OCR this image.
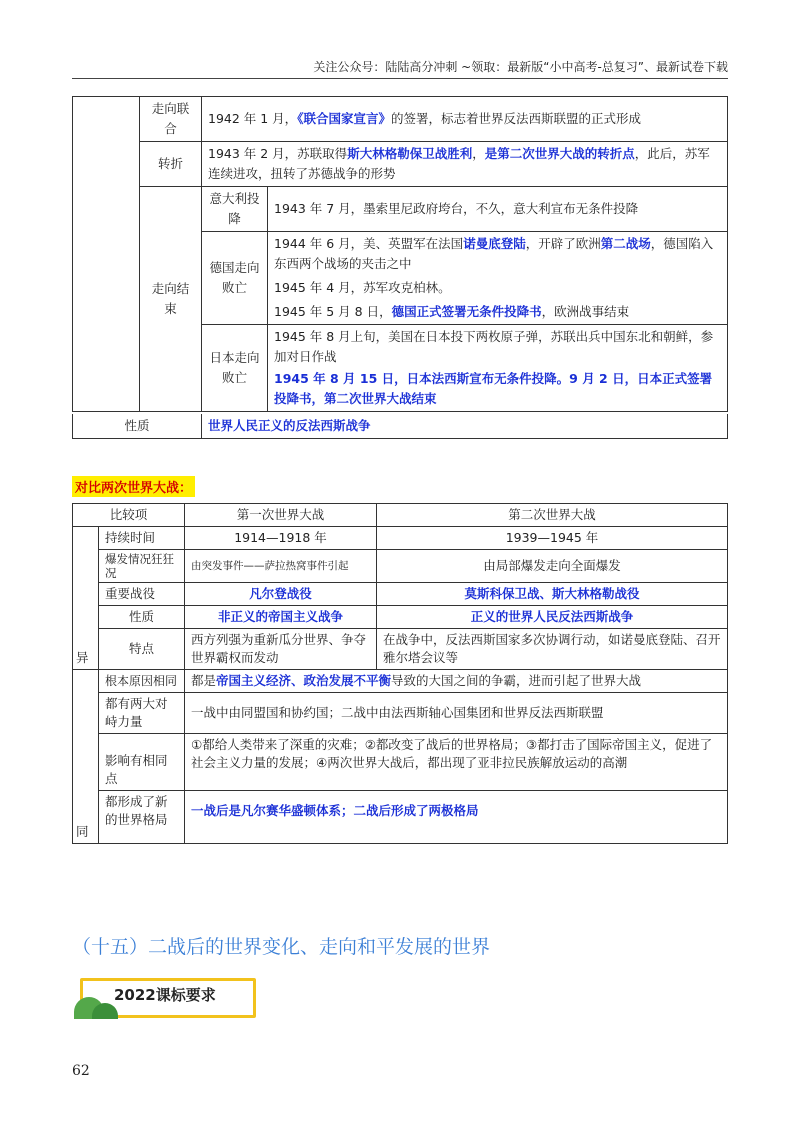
关注公众号：陆陆高分冲刺 ~领取：最新版“小中高考-总复习”、最新试卷下载
	走向联合	1942 年 1 月，《联合国家宣言》的签署，标志着世界反法西斯联盟的正式形成	
	转折	1943 年 2 月，苏联取得斯大林格勒保卫战胜利，是第二次世界大战的转折点，此后，苏军连续进攻，扭转了苏德战争的形势	
	走向结束	意大利投降	1943 年 7 月，墨索里尼政府垮台，不久，意大利宣布无条件投降
		德国走向败亡	1944 年 6 月，美、英盟军在法国诺曼底登陆，开辟了欧洲第二战场，德国陷入东西两个战场的夹击之中
1945 年 4 月，苏军攻克柏林。
1945 年 5 月 8 日，德国正式签署无条件投降书，欧洲战事结束

		日本走向败亡	1945 年 8 月上旬，美国在日本投下两枚原子弹，苏联出兵中国东北和朝鲜，参加对日作战
1945 年 8 月 15 日，日本法西斯宣布无条件投降。9 月 2 日，日本正式签署投降书，第二次世界大战结束
性质	世界人民正义的反法西斯战争
对比两次世界大战：
比较项		第一次世界大战	第二次世界大战
异	持续时间	1914—1918 年	1939—1945 年
	爆发情况狂狂况	由突发事件——萨拉热窝事件引起	由局部爆发走向全面爆发
	重要战役	凡尔登战役	莫斯科保卫战、斯大林格勒战役
	性质	非正义的帝国主义战争	正义的世界人民反法西斯战争
	特点	西方列强为重新瓜分世界、争夺世界霸权而发动	在战争中，反法西斯国家多次协调行动，如诺曼底登陆、召开雅尔塔会议等
同	根本原因相同	都是帝国主义经济、政治发展不平衡导致的大国之间的争霸，进而引起了世界大战	
	都有两大对峙力量	一战中由同盟国和协约国；二战中由法西斯轴心国集团和世界反法西斯联盟	
	影响有相同点	①都给人类带来了深重的灾难；②都改变了战后的世界格局；③都打击了国际帝国主义，促进了社会主义力量的发展；④两次世界大战后，都出现了亚非拉民族解放运动的高潮	
	都形成了新的世界格局	一战后是凡尔赛华盛顿体系；二战后形成了两极格局	
（十五）二战后的世界变化、走向和平发展的世界
2022课标要求
62
